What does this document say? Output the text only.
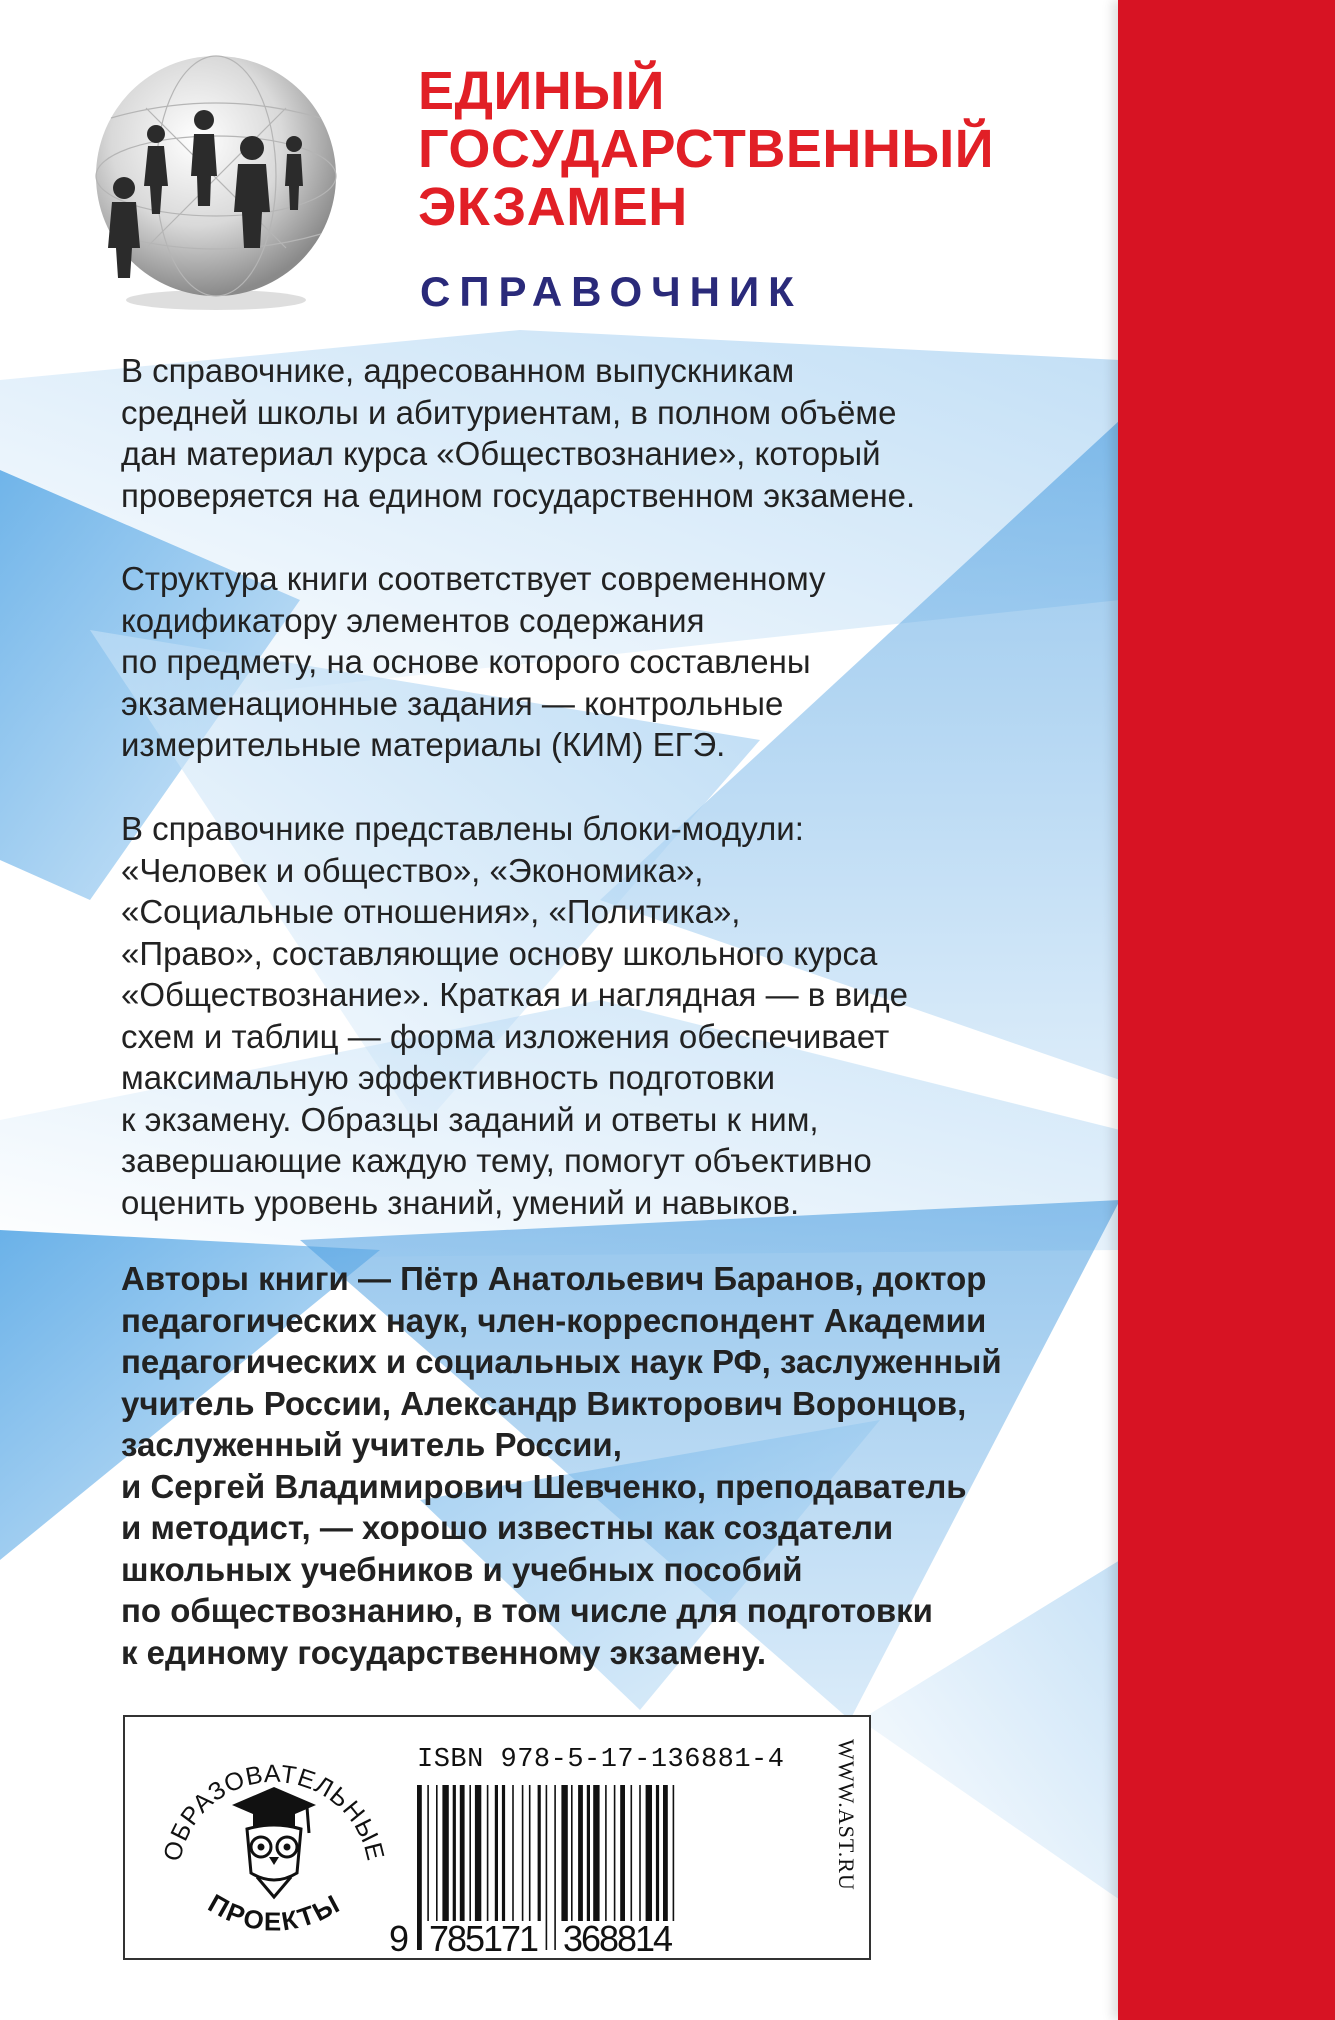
ЕДИНЫЙ
ГОСУДАРСТВЕННЫЙ
ЭКЗАМЕН
СПРАВОЧНИК
В справочнике, адресованном выпускникам
средней школы и абитуриентам, в полном объёме
дан материал курса «Обществознание», который
проверяется на едином государственном экзамене.
Структура книги соответствует современному
кодификатору элементов содержания
по предмету, на основе которого составлены
экзаменационные задания — контрольные
измерительные материалы (КИМ) ЕГЭ.
В справочнике представлены блоки-модули:
«Человек и общество», «Экономика»,
«Социальные отношения», «Политика»,
«Право», составляющие основу школьного курса
«Обществознание». Краткая и наглядная — в виде
схем и таблиц — форма изложения обеспечивает
максимальную эффективность подготовки
к экзамену. Образцы заданий и ответы к ним,
завершающие каждую тему, помогут объективно
оценить уровень знаний, умений и навыков.
Авторы книги — Пётр Анатольевич Баранов, доктор
педагогических наук, член-корреспондент Академии
педагогических и социальных наук РФ, заслуженный
учитель России, Александр Викторович Воронцов,
заслуженный учитель России,
и Сергей Владимирович Шевченко, преподаватель
и методист, — хорошо известны как создатели
школьных учебников и учебных пособий
по обществознанию, в том числе для подготовки
к единому государственному экзамену.
ОБРАЗОВАТЕЛЬНЫЕ
ПРОЕКТЫ
ISBN 978-5-17-136881-4
9 785171 368814
WWW.AST.RU
